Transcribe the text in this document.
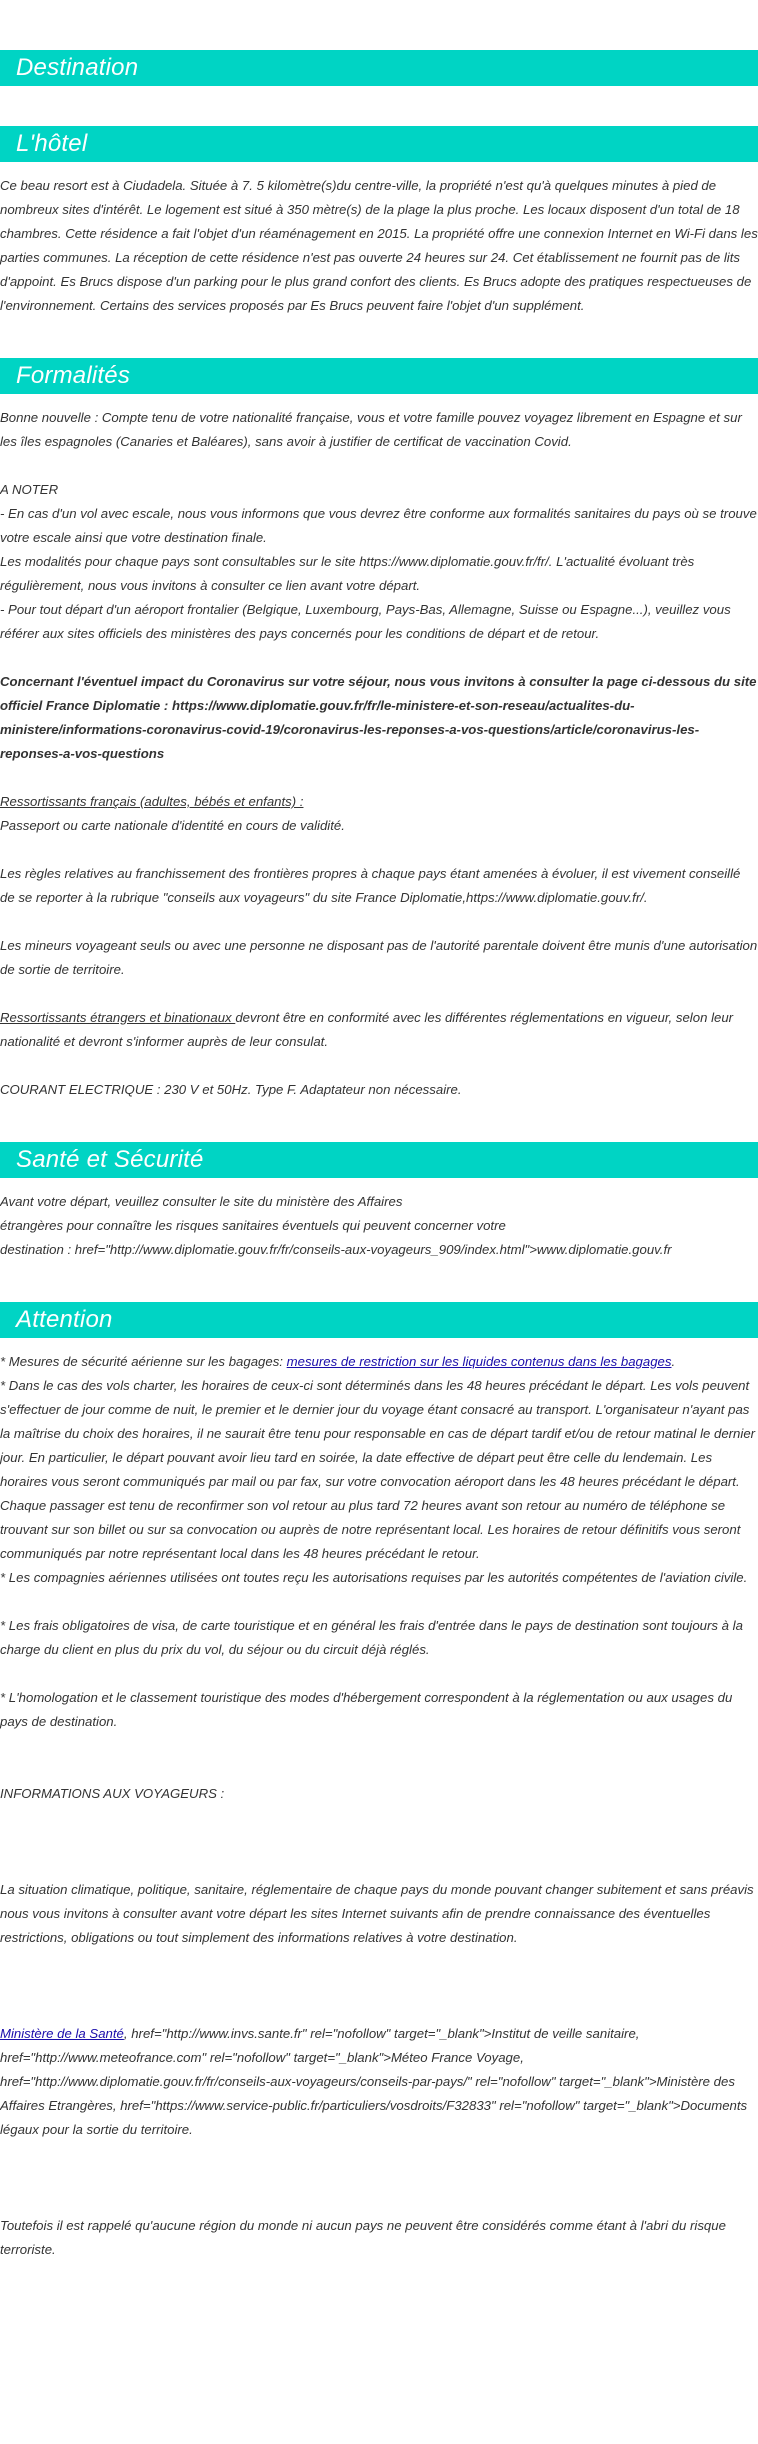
Destination
L'hôtel

Ce beau resort est à Ciudadela. Située à 7. 5 kilomètre(s)du centre-ville, la propriété n'est qu'à quelques minutes à pied de nombreux sites d'intérêt. Le logement est situé à 350 mètre(s) de la plage la plus proche. Les locaux disposent d'un total de 18 chambres. Cette résidence a fait l'objet d'un réaménagement en 2015. La propriété offre une connexion Internet en Wi-Fi dans les parties communes. La réception de cette résidence n'est pas ouverte 24 heures sur 24. Cet établissement ne fournit pas de lits d'appoint. Es Brucs dispose d'un parking pour le plus grand confort des clients. Es Brucs adopte des pratiques respectueuses de l'environnement. Certains des services proposés par Es Brucs peuvent faire l'objet d'un supplément.

Formalités

Bonne nouvelle : Compte tenu de votre nationalité française, vous et votre famille pouvez voyagez librement en Espagne et sur les îles espagnoles (Canaries et Baléares), sans avoir à justifier de certificat de vaccination Covid.

A NOTER

- En cas d'un vol avec escale, nous vous informons que vous devrez être conforme aux formalités sanitaires du pays où se trouve votre escale ainsi que votre destination finale.

Les modalités pour chaque pays sont consultables sur le site https://www.diplomatie.gouv.fr/fr/. L'actualité évoluant très régulièrement, nous vous invitons à consulter ce lien avant votre départ.

- Pour tout départ d'un aéroport frontalier (Belgique, Luxembourg, Pays-Bas, Allemagne, Suisse ou Espagne...), veuillez vous référer aux sites officiels des ministères des pays concernés pour les conditions de départ et de retour.

Concernant l'éventuel impact du Coronavirus sur votre séjour, nous vous invitons à consulter la page ci-dessous du site officiel France Diplomatie : https://www.diplomatie.gouv.fr/fr/le-ministere-et-son-reseau/actualites-du-ministere/informations-coronavirus-covid-19/coronavirus-les-reponses-a-vos-questions/article/coronavirus-les-reponses-a-vos-questions

Ressortissants français (adultes, bébés et enfants) :

Passeport ou carte nationale d'identité en cours de validité.

Les règles relatives au franchissement des frontières propres à chaque pays étant amenées à évoluer, il est vivement conseillé de se reporter à la rubrique "conseils aux voyageurs" du site France Diplomatie,https://www.diplomatie.gouv.fr/.

Les mineurs voyageant seuls ou avec une personne ne disposant pas de l'autorité parentale doivent être munis d'une autorisation de sortie de territoire.

Ressortissants étrangers et binationaux devront être en conformité avec les différentes réglementations en vigueur, selon leur nationalité et devront s'informer auprès de leur consulat.

COURANT ELECTRIQUE : 230 V et 50Hz. Type F. Adaptateur non nécessaire.

Santé et Sécurité

Avant votre départ, veuillez consulter le site du ministère des Affaires

étrangères pour connaître les risques sanitaires éventuels qui peuvent concerner votre

destination : href="http://www.diplomatie.gouv.fr/fr/conseils-aux-voyageurs_909/index.html">www.diplomatie.gouv.fr

Attention

* Mesures de sécurité aérienne sur les bagages: mesures de restriction sur les liquides contenus dans les bagages.

* Dans le cas des vols charter, les horaires de ceux-ci sont déterminés dans les 48 heures précédant le départ. Les vols peuvent s'effectuer de jour comme de nuit, le premier et le dernier jour du voyage étant consacré au transport. L'organisateur n'ayant pas la maîtrise du choix des horaires, il ne saurait être tenu pour responsable en cas de départ tardif et/ou de retour matinal le dernier jour. En particulier, le départ pouvant avoir lieu tard en soirée, la date effective de départ peut être celle du lendemain. Les horaires vous seront communiqués par mail ou par fax, sur votre convocation aéroport dans les 48 heures précédant le départ. Chaque passager est tenu de reconfirmer son vol retour au plus tard 72 heures avant son retour au numéro de téléphone se trouvant sur son billet ou sur sa convocation ou auprès de notre représentant local. Les horaires de retour définitifs vous seront communiqués par notre représentant local dans les 48 heures précédant le retour.

* Les compagnies aériennes utilisées ont toutes reçu les autorisations requises par les autorités compétentes de l'aviation civile.

* Les frais obligatoires de visa, de carte touristique et en général les frais d'entrée dans le pays de destination sont toujours à la charge du client en plus du prix du vol, du séjour ou du circuit déjà réglés.

* L'homologation et le classement touristique des modes d'hébergement correspondent à la réglementation ou aux usages du pays de destination.

INFORMATIONS AUX VOYAGEURS :

La situation climatique, politique, sanitaire, réglementaire de chaque pays du monde pouvant changer subitement et sans préavis

nous vous invitons à consulter avant votre départ les sites Internet suivants afin de prendre connaissance des éventuelles restrictions, obligations ou tout simplement des informations relatives à votre destination.

Ministère de la Santé, href="http://www.invs.sante.fr" rel="nofollow" target="_blank">Institut de veille sanitaire, href="http://www.meteofrance.com" rel="nofollow" target="_blank">Méteo France Voyage, href="http://www.diplomatie.gouv.fr/fr/conseils-aux-voyageurs/conseils-par-pays/" rel="nofollow" target="_blank">Ministère des Affaires Etrangères, href="https://www.service-public.fr/particuliers/vosdroits/F32833" rel="nofollow" target="_blank">Documents légaux pour la sortie du territoire.

Toutefois il est rappelé qu'aucune région du monde ni aucun pays ne peuvent être considérés comme étant à l'abri du risque terroriste.
